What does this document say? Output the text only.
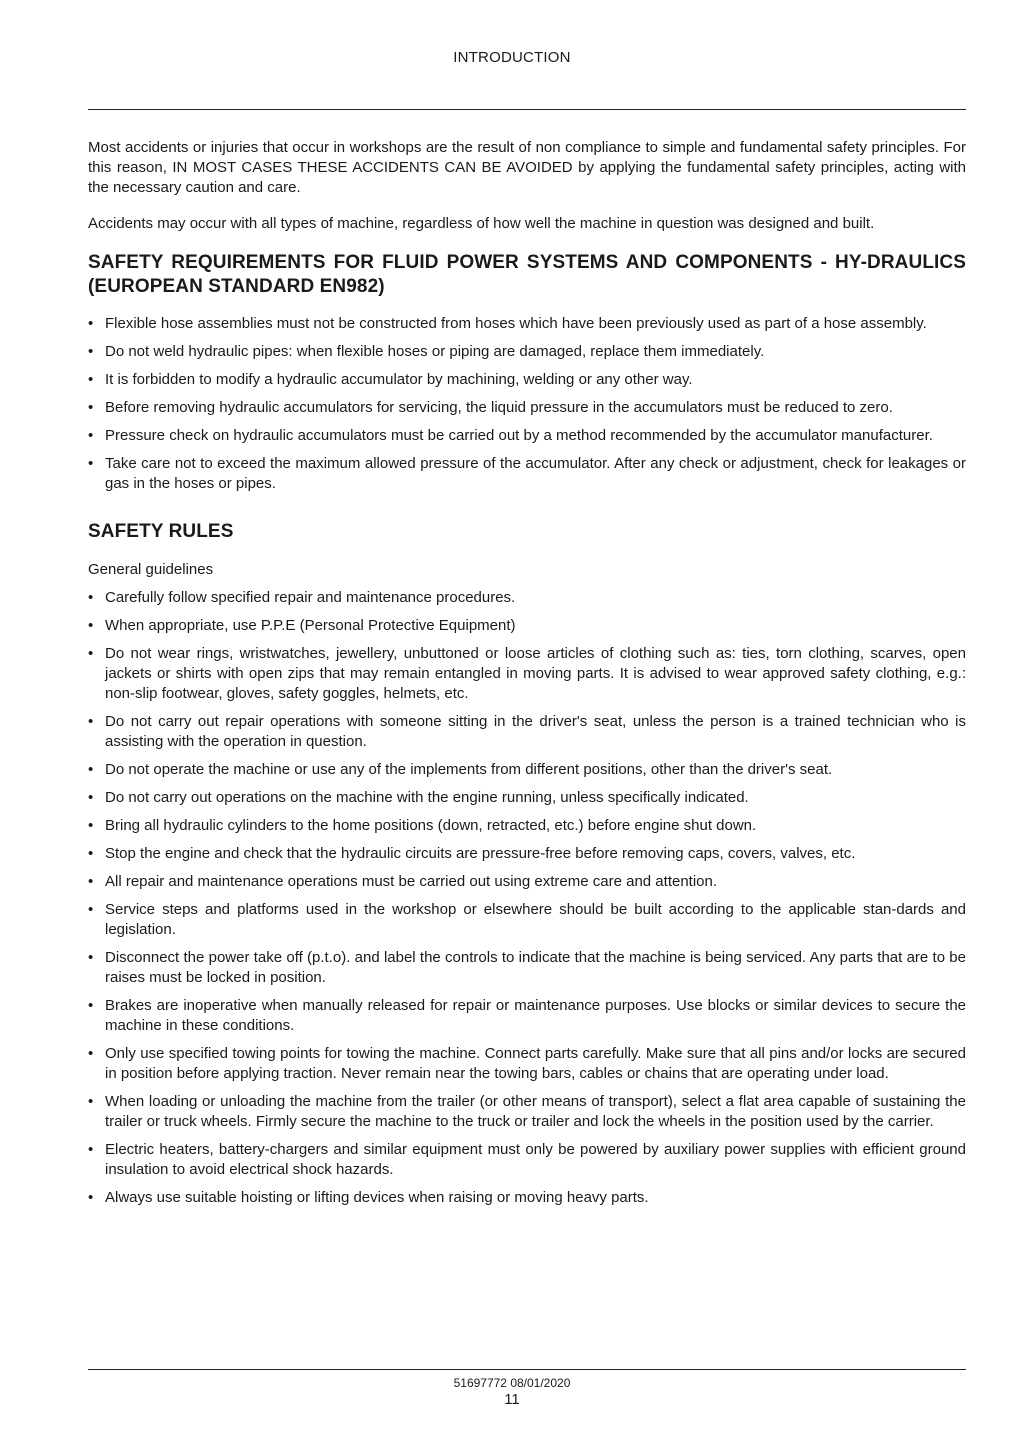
INTRODUCTION

Most accidents or injuries that occur in workshops are the result of non compliance to simple and fundamental safety principles. For this reason, IN MOST CASES THESE ACCIDENTS CAN BE AVOIDED by applying the fundamental safety principles, acting with the necessary caution and care.

Accidents may occur with all types of machine, regardless of how well the machine in question was designed and built.

SAFETY REQUIREMENTS FOR FLUID POWER SYSTEMS AND COMPONENTS - HY-DRAULICS (EUROPEAN STANDARD EN982)
• Flexible hose assemblies must not be constructed from hoses which have been previously used as part of a hose assembly.
• Do not weld hydraulic pipes: when flexible hoses or piping are damaged, replace them immediately.
• It is forbidden to modify a hydraulic accumulator by machining, welding or any other way.
• Before removing hydraulic accumulators for servicing, the liquid pressure in the accumulators must be reduced to zero.
• Pressure check on hydraulic accumulators must be carried out by a method recommended by the accumulator manufacturer.
• Take care not to exceed the maximum allowed pressure of the accumulator. After any check or adjustment, check for leakages or gas in the hoses or pipes.
SAFETY RULES
General guidelines
• Carefully follow specified repair and maintenance procedures.
• When appropriate, use P.P.E (Personal Protective Equipment)
• Do not wear rings, wristwatches, jewellery, unbuttoned or loose articles of clothing such as: ties, torn clothing, scarves, open jackets or shirts with open zips that may remain entangled in moving parts. It is advised to wear approved safety clothing, e.g.: non-slip footwear, gloves, safety goggles, helmets, etc.
• Do not carry out repair operations with someone sitting in the driver's seat, unless the person is a trained technician who is assisting with the operation in question.
• Do not operate the machine or use any of the implements from different positions, other than the driver's seat.
• Do not carry out operations on the machine with the engine running, unless specifically indicated.
• Bring all hydraulic cylinders to the home positions (down, retracted, etc.) before engine shut down.
• Stop the engine and check that the hydraulic circuits are pressure-free before removing caps, covers, valves, etc.
• All repair and maintenance operations must be carried out using extreme care and attention.
• Service steps and platforms used in the workshop or elsewhere should be built according to the applicable stan-dards and legislation.
• Disconnect the power take off (p.t.o). and label the controls to indicate that the machine is being serviced. Any parts that are to be raises must be locked in position.
• Brakes are inoperative when manually released for repair or maintenance purposes. Use blocks or similar devices to secure the machine in these conditions.
• Only use specified towing points for towing the machine. Connect parts carefully. Make sure that all pins and/or locks are secured in position before applying traction. Never remain near the towing bars, cables or chains that are operating under load.
• When loading or unloading the machine from the trailer (or other means of transport), select a flat area capable of sustaining the trailer or truck wheels. Firmly secure the machine to the truck or trailer and lock the wheels in the position used by the carrier.
• Electric heaters, battery-chargers and similar equipment must only be powered by auxiliary power supplies with efficient ground insulation to avoid electrical shock hazards.
• Always use suitable hoisting or lifting devices when raising or moving heavy parts.
51697772 08/01/2020
11
